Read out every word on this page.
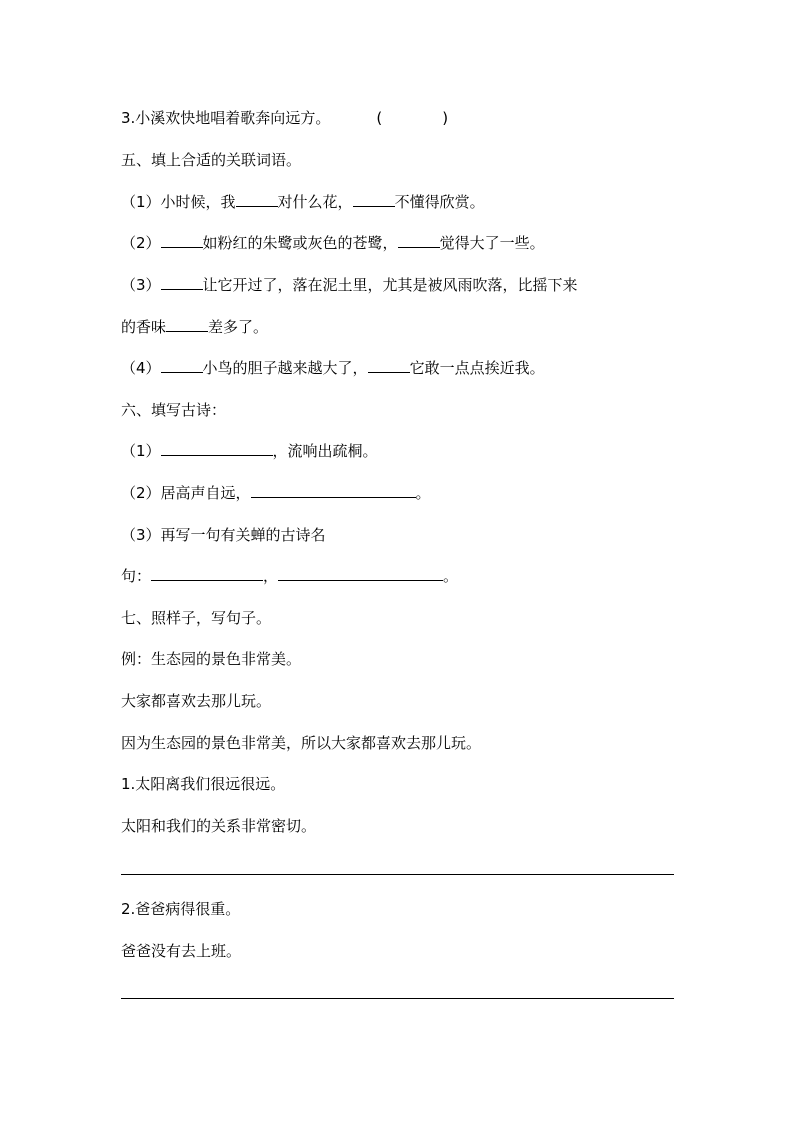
3.小溪欢快地唱着歌奔向远方。	(	)
五、填上合适的关联词语。
（1）小时候，我	对什么花，	不懂得欣赏。
（2）	如粉红的朱鹭或灰色的苍鹭，	觉得大了一些。
（3）	让它开过了，落在泥土里，尤其是被风雨吹落，比摇下来
的香味	差多了。
（4）	小鸟的胆子越来越大了，	它敢一点点挨近我。
六、填写古诗：
（1）	，流响出疏桐。
（2）居高声自远，	。
（3）再写一句有关蝉的古诗名
句：	，	。
七、照样子，写句子。
例：生态园的景色非常美。
大家都喜欢去那儿玩。
因为生态园的景色非常美，所以大家都喜欢去那儿玩。
1.太阳离我们很远很远。
太阳和我们的关系非常密切。
2.爸爸病得很重。
爸爸没有去上班。
